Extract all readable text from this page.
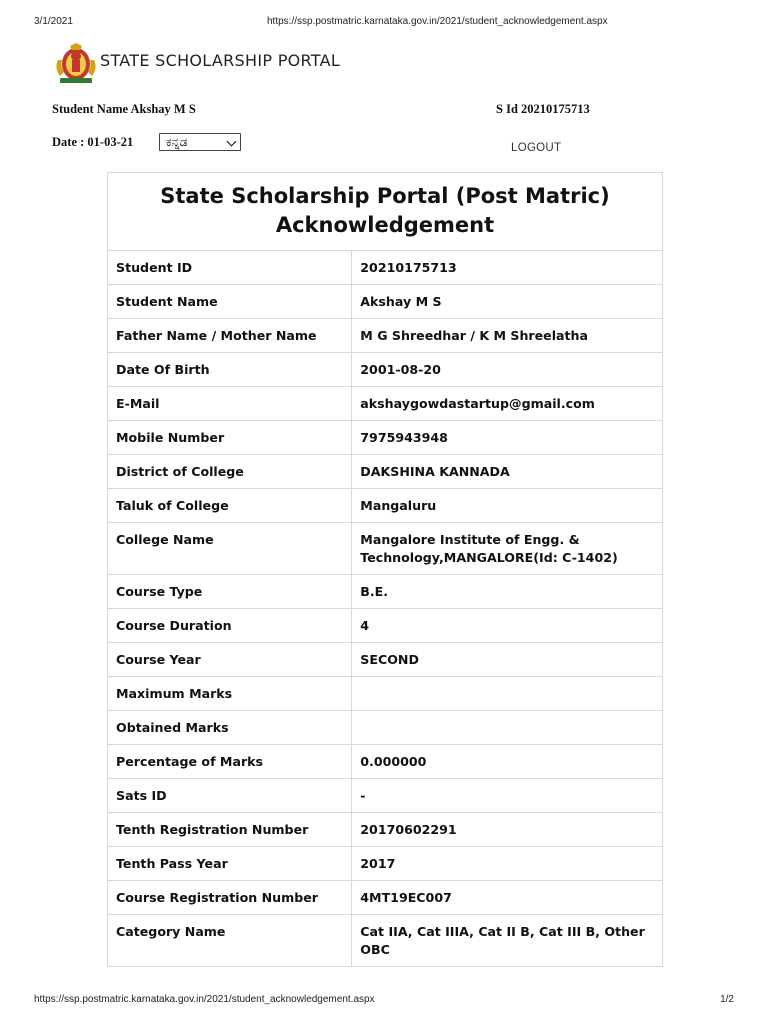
3/1/2021	https://ssp.postmatric.karnataka.gov.in/2021/student_acknowledgement.aspx
STATE SCHOLARSHIP PORTAL
Student Name Akshay M S	S Id 20210175713
Date : 01-03-21	ಕನ್ನಡ	LOGOUT
State Scholarship Portal (Post Matric) Acknowledgement	
Student ID	20210175713
Student Name	Akshay M S
Father Name / Mother Name	M G Shreedhar / K M Shreelatha
Date Of Birth	2001-08-20
E-Mail	akshaygowdastartup@gmail.com
Mobile Number	7975943948
District of College	DAKSHINA KANNADA
Taluk of College	Mangaluru
College Name	Mangalore Institute of Engg. & Technology,MANGALORE(Id: C-1402)
Course Type	B.E.
Course Duration	4
Course Year	SECOND
Maximum Marks	
Obtained Marks	
Percentage of Marks	0.000000
Sats ID	-
Tenth Registration Number	20170602291
Tenth Pass Year	2017
Course Registration Number	4MT19EC007
Category Name	Cat IIA, Cat IIIA, Cat II B, Cat III B, Other OBC
https://ssp.postmatric.karnataka.gov.in/2021/student_acknowledgement.aspx	1/2
